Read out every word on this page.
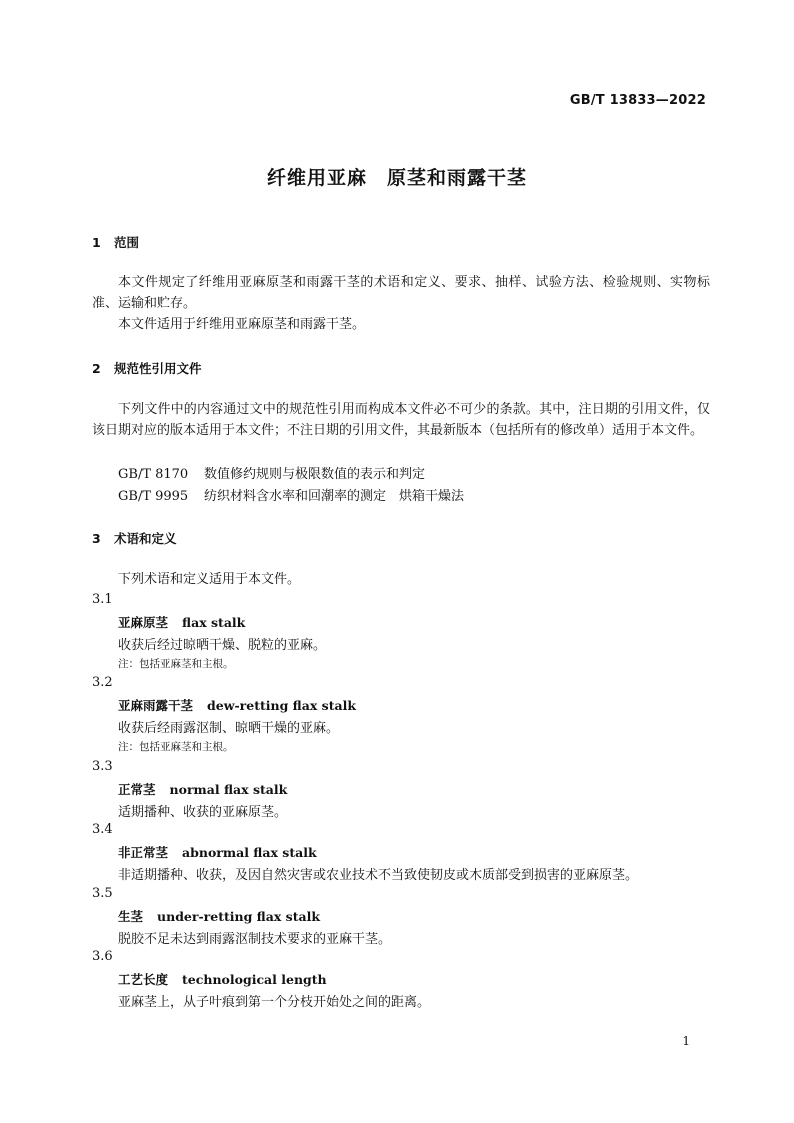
GB/T 13833—2022
纤维用亚麻　原茎和雨露干茎
1 范围

本文件规定了纤维用亚麻原茎和雨露干茎的术语和定义、要求、抽样、试验方法、检验规则、实物标准、运输和贮存。

本文件适用于纤维用亚麻原茎和雨露干茎。

2 规范性引用文件

下列文件中的内容通过文中的规范性引用而构成本文件必不可少的条款。其中，注日期的引用文件，仅该日期对应的版本适用于本文件；不注日期的引用文件，其最新版本（包括所有的修改单）适用于本文件。

GB/T 8170 数值修约规则与极限数值的表示和判定
GB/T 9995 纺织材料含水率和回潮率的测定　烘箱干燥法
3 术语和定义

下列术语和定义适用于本文件。

3.1
亚麻原茎 flax stalk
收获后经过晾晒干燥、脱粒的亚麻。
注：包括亚麻茎和主根。
3.2
亚麻雨露干茎 dew-retting flax stalk
收获后经雨露沤制、晾晒干燥的亚麻。
注：包括亚麻茎和主根。
3.3
正常茎 normal flax stalk
适期播种、收获的亚麻原茎。
3.4
非正常茎 abnormal flax stalk
非适期播种、收获，及因自然灾害或农业技术不当致使韧皮或木质部受到损害的亚麻原茎。
3.5
生茎 under-retting flax stalk
脱胶不足未达到雨露沤制技术要求的亚麻干茎。
3.6
工艺长度 technological length
亚麻茎上，从子叶痕到第一个分枝开始处之间的距离。
1
